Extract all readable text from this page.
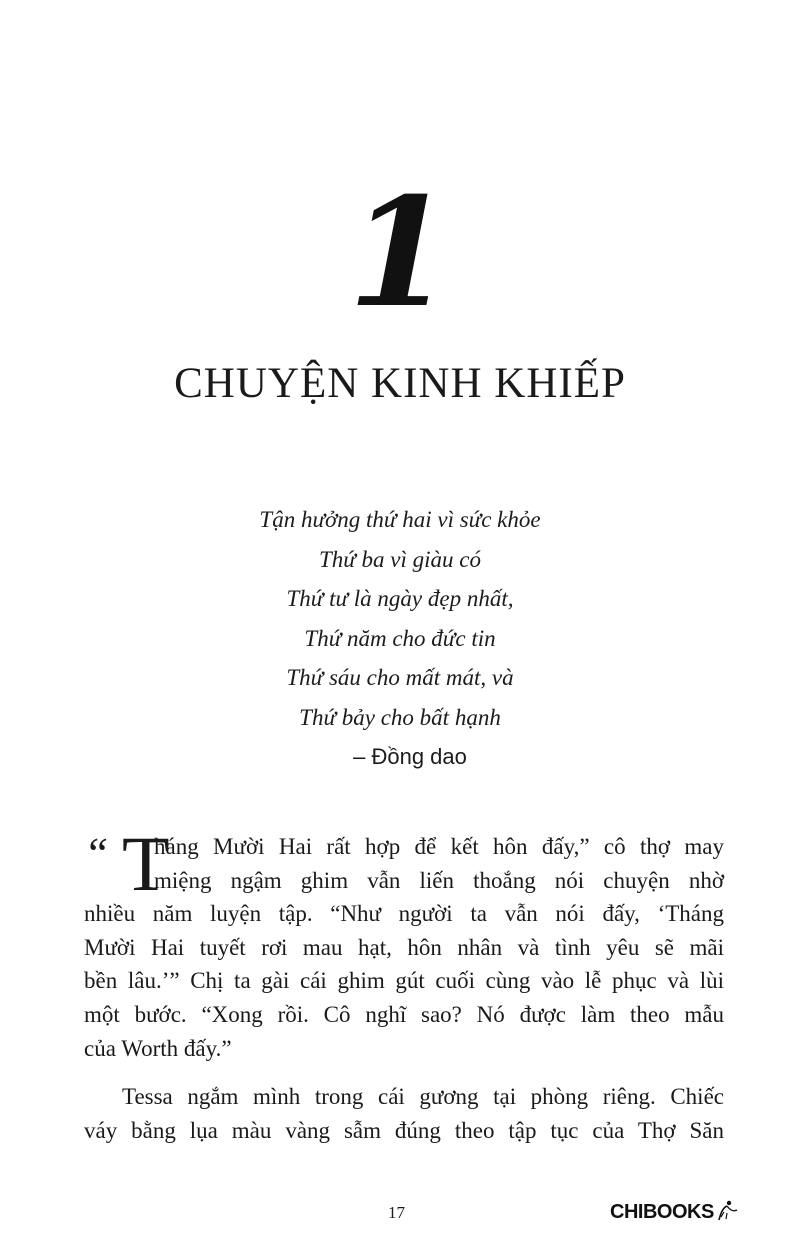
1
CHUYỆN KINH KHIẾP
Tận hưởng thứ hai vì sức khỏe
Thứ ba vì giàu có
Thứ tư là ngày đẹp nhất,
Thứ năm cho đức tin
Thứ sáu cho mất mát, và
Thứ bảy cho bất hạnh
– Đồng dao
“ T
háng Mười Hai rất hợp để kết hôn đấy,” cô thợ may
miệng ngậm ghim vẫn liến thoắng nói chuyện nhờ
nhiều năm luyện tập. “Như người ta vẫn nói đấy, ‘Tháng
Mười Hai tuyết rơi mau hạt, hôn nhân và tình yêu sẽ mãi
bền lâu.’” Chị ta gài cái ghim gút cuối cùng vào lễ phục và lùi
một bước. “Xong rồi. Cô nghĩ sao? Nó được làm theo mẫu
của Worth đấy.”
Tessa ngắm mình trong cái gương tại phòng riêng. Chiếc
váy bằng lụa màu vàng sẫm đúng theo tập tục của Thợ Săn
17	CHIBOOKS
